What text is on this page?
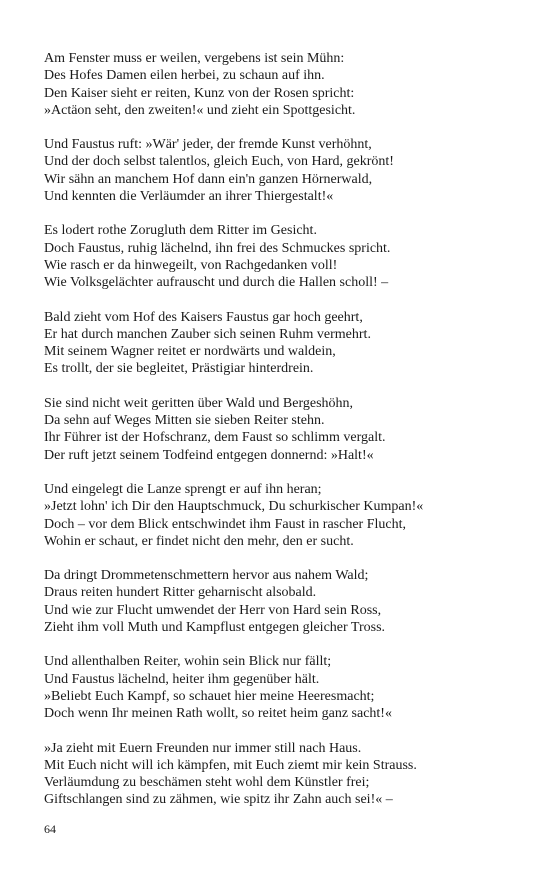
Am Fenster muss er weilen, vergebens ist sein Mühn:
Des Hofes Damen eilen herbei, zu schaun auf ihn.
Den Kaiser sieht er reiten, Kunz von der Rosen spricht:
»Actäon seht, den zweiten!« und zieht ein Spottgesicht.
Und Faustus ruft: »Wär' jeder, der fremde Kunst verhöhnt,
Und der doch selbst talentlos, gleich Euch, von Hard, gekrönt!
Wir sähn an manchem Hof dann ein'n ganzen Hörnerwald,
Und kennten die Verläumder an ihrer Thiergestalt!«
Es lodert rothe Zorugluth dem Ritter im Gesicht.
Doch Faustus, ruhig lächelnd, ihn frei des Schmuckes spricht.
Wie rasch er da hinwegeilt, von Rachgedanken voll!
Wie Volksgelächter aufrauscht und durch die Hallen scholl! –
Bald zieht vom Hof des Kaisers Faustus gar hoch geehrt,
Er hat durch manchen Zauber sich seinen Ruhm vermehrt.
Mit seinem Wagner reitet er nordwärts und waldein,
Es trollt, der sie begleitet, Prästigiar hinterdrein.
Sie sind nicht weit geritten über Wald und Bergeshöhn,
Da sehn auf Weges Mitten sie sieben Reiter stehn.
Ihr Führer ist der Hofschranz, dem Faust so schlimm vergalt.
Der ruft jetzt seinem Todfeind entgegen donnernd: »Halt!«
Und eingelegt die Lanze sprengt er auf ihn heran;
»Jetzt lohn' ich Dir den Hauptschmuck, Du schurkischer Kumpan!«
Doch – vor dem Blick entschwindet ihm Faust in rascher Flucht,
Wohin er schaut, er findet nicht den mehr, den er sucht.
Da dringt Drommetenschmettern hervor aus nahem Wald;
Draus reiten hundert Ritter geharnischt alsobald.
Und wie zur Flucht umwendet der Herr von Hard sein Ross,
Zieht ihm voll Muth und Kampflust entgegen gleicher Tross.
Und allenthalben Reiter, wohin sein Blick nur fällt;
Und Faustus lächelnd, heiter ihm gegenüber hält.
»Beliebt Euch Kampf, so schauet hier meine Heeresmacht;
Doch wenn Ihr meinen Rath wollt, so reitet heim ganz sacht!«
»Ja zieht mit Euern Freunden nur immer still nach Haus.
Mit Euch nicht will ich kämpfen, mit Euch ziemt mir kein Strauss.
Verläumdung zu beschämen steht wohl dem Künstler frei;
Giftschlangen sind zu zähmen, wie spitz ihr Zahn auch sei!« –
64
